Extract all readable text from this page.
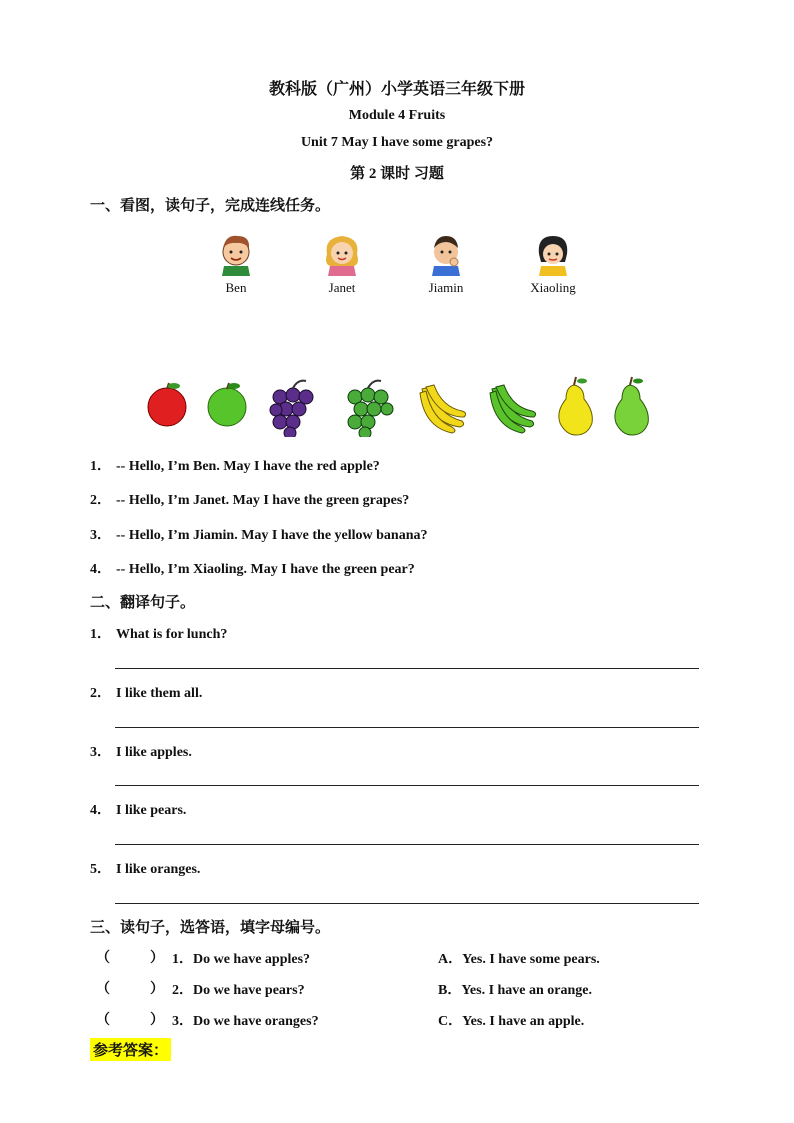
教科版（广州）小学英语三年级下册
Module 4 Fruits
Unit 7 May I have some grapes?
第 2 课时 习题
一、看图，读句子，完成连线任务。
Ben	Janet	Jiamin	Xiaoling
1． -- Hello, I’m Ben. May I have the red apple?
2． -- Hello, I’m Janet. May I have the green grapes?
3． -- Hello, I’m Jiamin. May I have the yellow banana?
4． -- Hello, I’m Xiaoling. May I have the green pear?
二、翻译句子。
1． What is for lunch?
2． I like them all.
3． I like apples.
4． I like pears.
5． I like oranges.
三、读句子，选答语，填字母编号。
（	） 1．Do we have apples?	A．Yes. I have some pears.
（	） 2．Do we have pears?	B．Yes. I have an orange.
（	） 3．Do we have oranges?	C．Yes. I have an apple.
参考答案：
